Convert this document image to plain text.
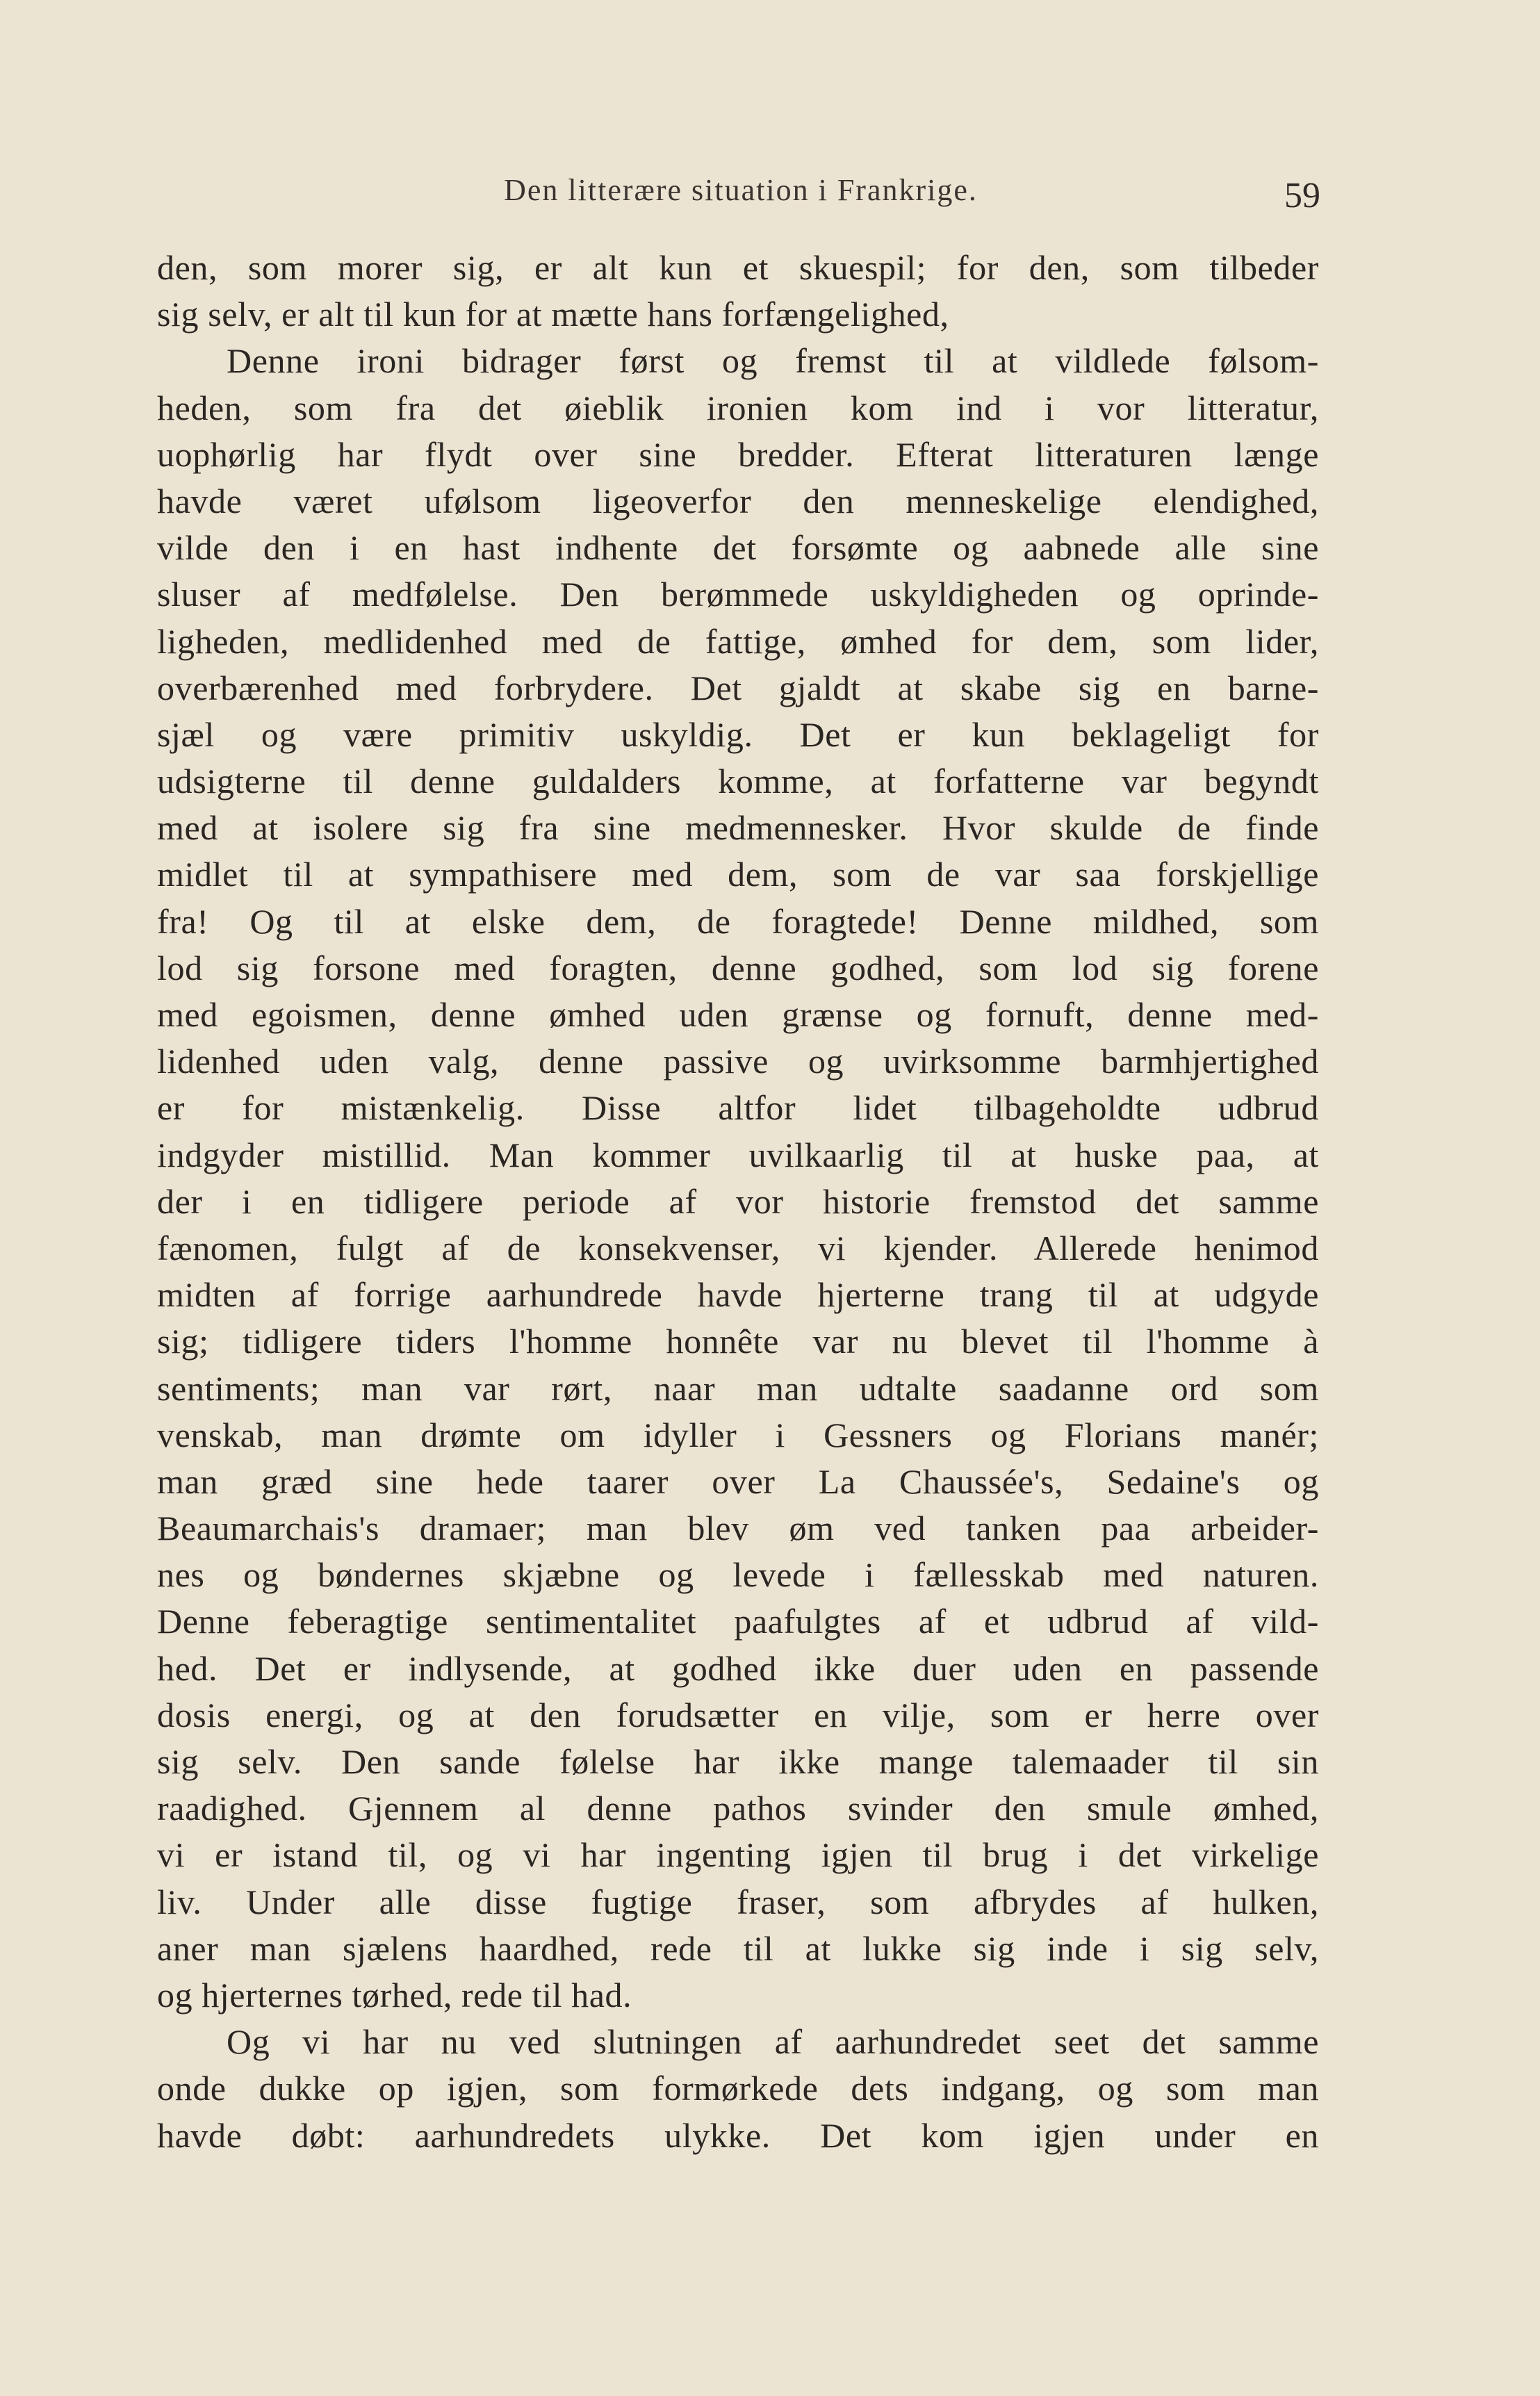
Den litterære situation i Frankrige.	59
den, som morer sig, er alt kun et skuespil; for den, som tilbeder
sig selv, er alt til kun for at mætte hans forfængelighed,
Denne ironi bidrager først og fremst til at vildlede følsom-
heden, som fra det øieblik ironien kom ind i vor litteratur,
uophørlig har flydt over sine bredder. Efterat litteraturen længe
havde været ufølsom ligeoverfor den menneskelige elendighed,
vilde den i en hast indhente det forsømte og aabnede alle sine
sluser af medfølelse. Den berømmede uskyldigheden og oprinde-
ligheden, medlidenhed med de fattige, ømhed for dem, som lider,
overbærenhed med forbrydere. Det gjaldt at skabe sig en barne-
sjæl og være primitiv uskyldig. Det er kun beklageligt for
udsigterne til denne guldalders komme, at forfatterne var begyndt
med at isolere sig fra sine medmennesker. Hvor skulde de finde
midlet til at sympathisere med dem, som de var saa forskjellige
fra! Og til at elske dem, de foragtede! Denne mildhed, som
lod sig forsone med foragten, denne godhed, som lod sig forene
med egoismen, denne ømhed uden grænse og fornuft, denne med-
lidenhed uden valg, denne passive og uvirksomme barmhjertighed
er for mistænkelig. Disse altfor lidet tilbageholdte udbrud
indgyder mistillid. Man kommer uvilkaarlig til at huske paa, at
der i en tidligere periode af vor historie fremstod det samme
fænomen, fulgt af de konsekvenser, vi kjender. Allerede henimod
midten af forrige aarhundrede havde hjerterne trang til at udgyde
sig; tidligere tiders l'homme honnête var nu blevet til l'homme à
sentiments; man var rørt, naar man udtalte saadanne ord som
venskab, man drømte om idyller i Gessners og Florians manér;
man græd sine hede taarer over La Chaussée's, Sedaine's og
Beaumarchais's dramaer; man blev øm ved tanken paa arbeider-
nes og bøndernes skjæbne og levede i fællesskab med naturen.
Denne feberagtige sentimentalitet paafulgtes af et udbrud af vild-
hed. Det er indlysende, at godhed ikke duer uden en passende
dosis energi, og at den forudsætter en vilje, som er herre over
sig selv. Den sande følelse har ikke mange talemaader til sin
raadighed. Gjennem al denne pathos svinder den smule ømhed,
vi er istand til, og vi har ingenting igjen til brug i det virkelige
liv. Under alle disse fugtige fraser, som afbrydes af hulken,
aner man sjælens haardhed, rede til at lukke sig inde i sig selv,
og hjerternes tørhed, rede til had.
Og vi har nu ved slutningen af aarhundredet seet det samme
onde dukke op igjen, som formørkede dets indgang, og som man
havde døbt: aarhundredets ulykke. Det kom igjen under en
